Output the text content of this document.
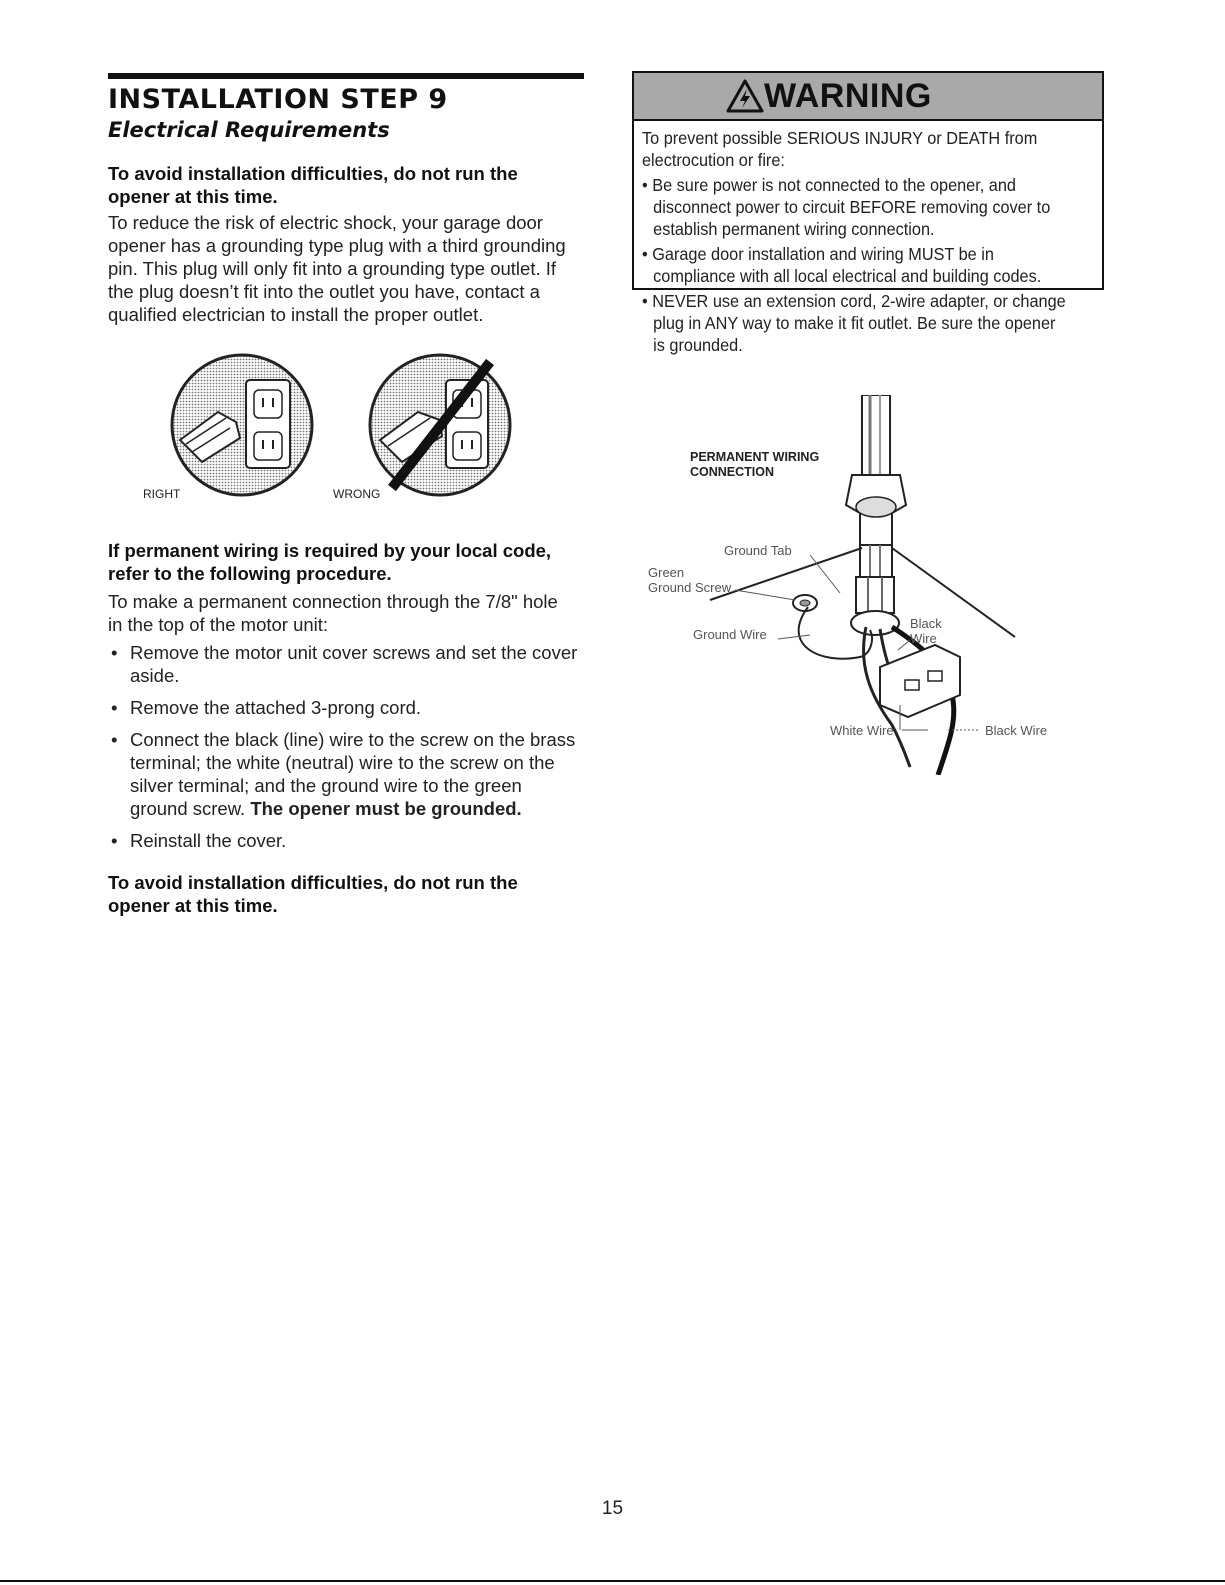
INSTALLATION STEP 9
Electrical Requirements
To avoid installation difficulties, do not run the opener at this time.
To reduce the risk of electric shock, your garage door opener has a grounding type plug with a third grounding pin. This plug will only fit into a grounding type outlet. If the plug doesn’t fit into the outlet you have, contact a qualified electrician to install the proper outlet.
RIGHT	WRONG
If permanent wiring is required by your local code, refer to the following procedure.
To make a permanent connection through the 7/8" hole in the top of the motor unit:
• Remove the motor unit cover screws and set the cover aside.
• Remove the attached 3-prong cord.
• Connect the black (line) wire to the screw on the brass terminal; the white (neutral) wire to the screw on the silver terminal; and the ground wire to the green ground screw. The opener must be grounded.
• Reinstall the cover.
To avoid installation difficulties, do not run the opener at this time.
WARNING

To prevent possible SERIOUS INJURY or DEATH from electrocution or fire:

• Be sure power is not connected to the opener, and disconnect power to circuit BEFORE removing cover to establish permanent wiring connection.

• Garage door installation and wiring MUST be in compliance with all local electrical and building codes.

• NEVER use an extension cord, 2-wire adapter, or change plug in ANY way to make it fit outlet. Be sure the opener is grounded.

PERMANENT WIRING
CONNECTION
Ground Tab
Green
Ground Screw
Ground Wire
Black
Wire
White Wire	Black Wire
15
